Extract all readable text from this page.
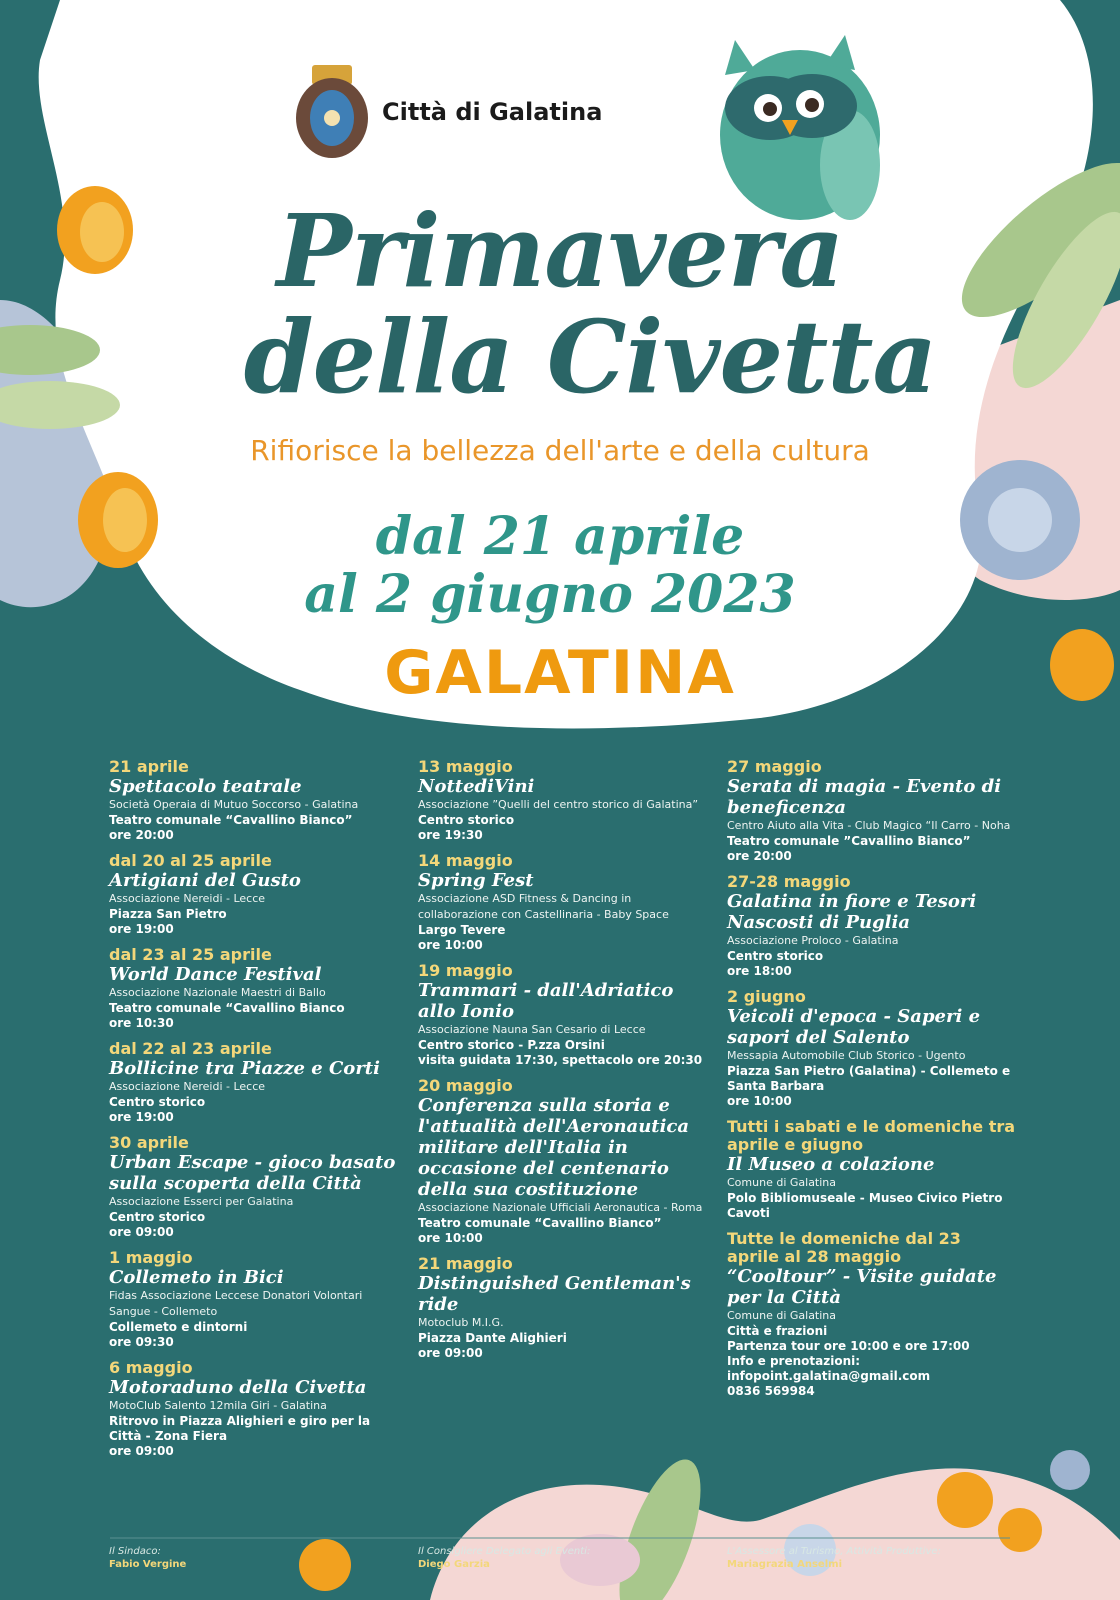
Città di Galatina
Primavera
della Civetta
Rifiorisce la bellezza dell'arte e della cultura
dal 21 aprile
al 2 giugno 2023
GALATINA
21 aprile
Spettacolo teatrale
Società Operaia di Mutuo Soccorso - Galatina
Teatro comunale “Cavallino Bianco”
ore 20:00
dal 20 al 25 aprile
Artigiani del Gusto
Associazione Nereidi - Lecce
Piazza San Pietro
ore 19:00
dal 23 al 25 aprile
World Dance Festival
Associazione Nazionale Maestri di Ballo
Teatro comunale “Cavallino Bianco
ore 10:30
dal 22 al 23 aprile
Bollicine tra Piazze e Corti
Associazione Nereidi - Lecce
Centro storico
ore 19:00
30 aprile
Urban Escape - gioco basato sulla scoperta della Città
Associazione Esserci per Galatina
Centro storico
ore 09:00
1 maggio
Collemeto in Bici
Fidas Associazione Leccese Donatori Volontari Sangue - Collemeto
Collemeto e dintorni
ore 09:30
6 maggio
Motoraduno della Civetta
MotoClub Salento 12mila Giri - Galatina
Ritrovo in Piazza Alighieri e giro per la Città - Zona Fiera
ore 09:00
13 maggio
NottediVini
Associazione ”Quelli del centro storico di Galatina”
Centro storico
ore 19:30
14 maggio
Spring Fest
Associazione ASD Fitness & Dancing in collaborazione con Castellinaria - Baby Space
Largo Tevere
ore 10:00
19 maggio
Trammari - dall'Adriatico allo Ionio
Associazione Nauna San Cesario di Lecce
Centro storico - P.zza Orsini
visita guidata 17:30, spettacolo ore 20:30
20 maggio
Conferenza sulla storia e l'attualità dell'Aeronautica militare dell'Italia in occasione del centenario della sua costituzione
Associazione Nazionale Ufficiali Aeronautica - Roma
Teatro comunale “Cavallino Bianco”
ore 10:00
21 maggio
Distinguished Gentleman's ride
Motoclub M.I.G.
Piazza Dante Alighieri
ore 09:00
27 maggio
Serata di magia - Evento di beneficenza
Centro Aiuto alla Vita - Club Magico “Il Carro - Noha
Teatro comunale ”Cavallino Bianco”
ore 20:00
27-28 maggio
Galatina in fiore e Tesori Nascosti di Puglia
Associazione Proloco - Galatina
Centro storico
ore 18:00
2 giugno
Veicoli d'epoca - Saperi e sapori del Salento
Messapia Automobile Club Storico - Ugento
Piazza San Pietro (Galatina) - Collemeto e Santa Barbara
ore 10:00
Tutti i sabati e le domeniche tra aprile e giugno
Il Museo a colazione
Comune di Galatina
Polo Bibliomuseale - Museo Civico Pietro Cavoti
Tutte le domeniche dal 23 aprile al 28 maggio
“Cooltour” - Visite guidate per la Città
Comune di Galatina
Città e frazioni
Partenza tour ore 10:00 e ore 17:00
Info e prenotazioni:
infopoint.galatina@gmail.com
0836 569984
Il Sindaco:
Fabio Vergine
Il Consigliere Delegato agli Eventi:
Diego Garzia
L'Assessore al Turismo, Attività Produttive:
Mariagrazia Anselmi
